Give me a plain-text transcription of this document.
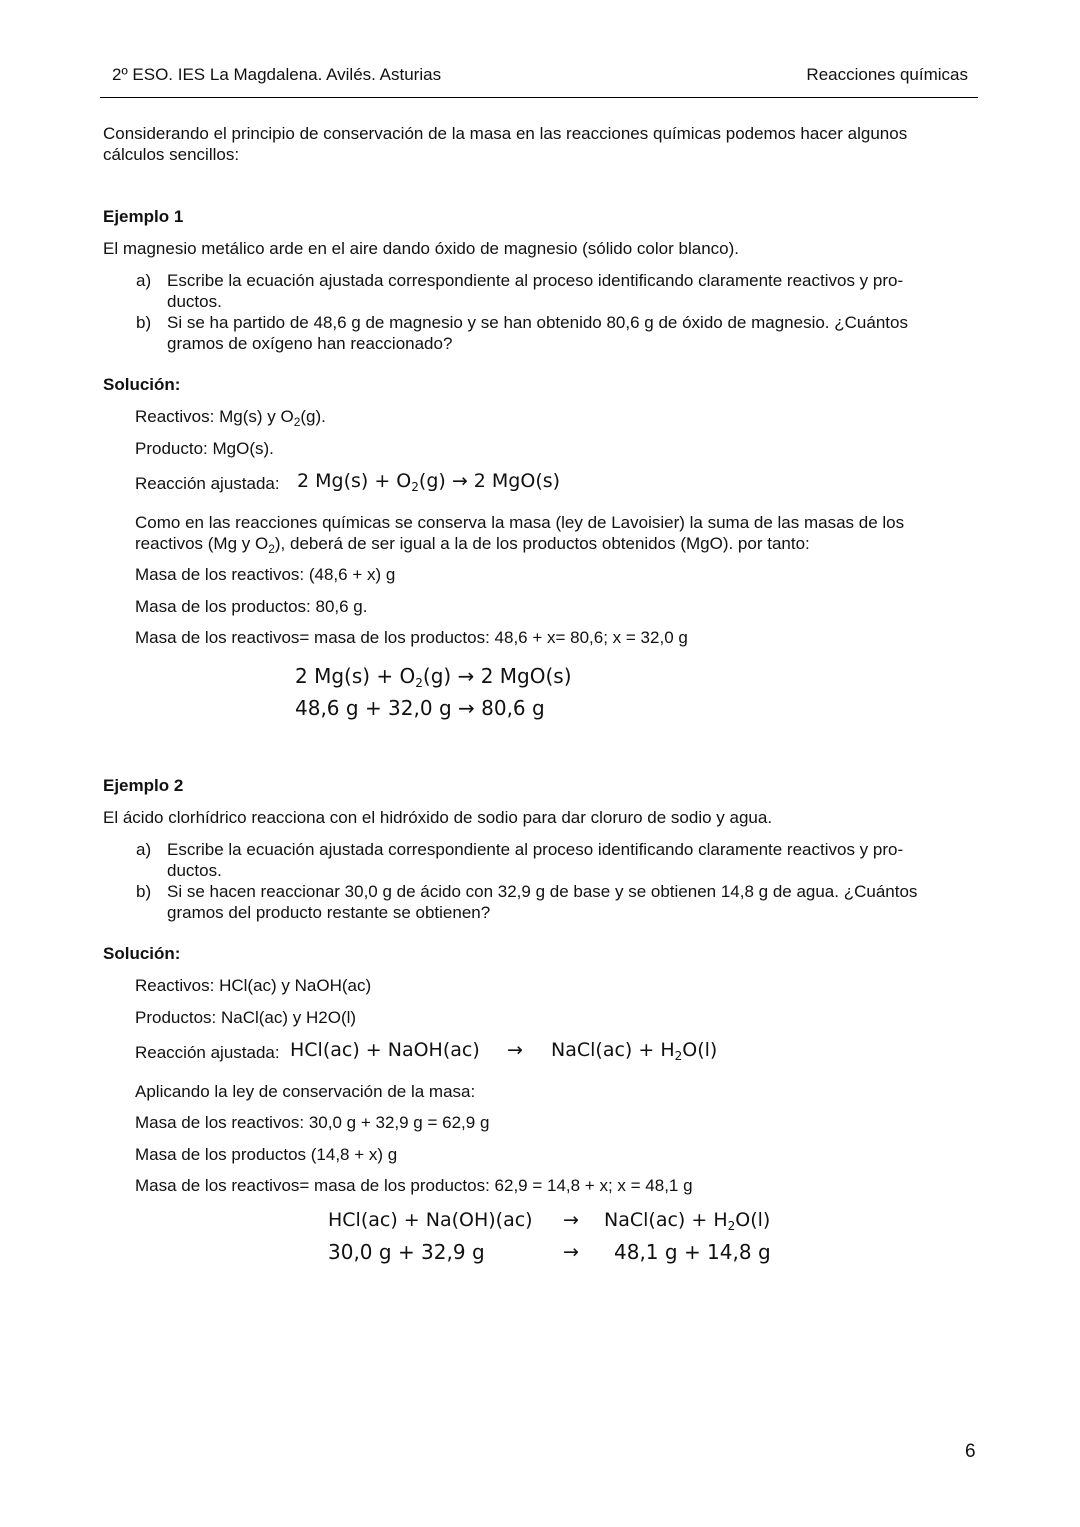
2º ESO. IES La Magdalena. Avilés. Asturias	Reacciones químicas
Considerando el principio de conservación de la masa en las reacciones químicas podemos hacer algunos
cálculos sencillos:
Ejemplo 1
El magnesio metálico arde en el aire dando óxido de magnesio (sólido color blanco).
a) Escribe la ecuación ajustada correspondiente al proceso identificando claramente reactivos y pro-
ductos.
b) Si se ha partido de 48,6 g de magnesio y se han obtenido 80,6 g de óxido de magnesio. ¿Cuántos
gramos de oxígeno han reaccionado?
Solución:
Reactivos: Mg(s) y $O_2(g)$.
Producto: MgO(s).
Reacción ajustada: 2 $Mg(s) + O_2(g) \to 2$ MgO(s)
Como en las reacciones químicas se conserva la masa (ley de Lavoisier) la suma de las masas de los
reactivos (Mg y $O_2$), deberá de ser igual a la de los productos obtenidos (MgO). por tanto:
Masa de los reactivos: (48,6 + x) g
Masa de los productos: 80,6 g.
Masa de los reactivos= masa de los productos: 48,6 + x= 80,6; x = 32,0 g
2 $Mg(s) + O_2(g) \to 2$ MgO(s)
48,6 g + 32,0 g → 80,6 g
Ejemplo 2
El ácido clorhídrico reacciona con el hidróxido de sodio para dar cloruro de sodio y agua.
a) Escribe la ecuación ajustada correspondiente al proceso identificando claramente reactivos y pro-
ductos.
b) Si se hacen reaccionar 30,0 g de ácido con 32,9 g de base y se obtienen 14,8 g de agua. ¿Cuántos
gramos del producto restante se obtienen?
Solución:
Reactivos: HCl(ac) y NaOH(ac)
Productos: NaCl(ac) y H2O(l)
Reacción ajustada: HCl(ac) + NaOH(ac) → NaCl(ac) + $H_2O(l)$
Aplicando la ley de conservación de la masa:
Masa de los reactivos: 30,0 g + 32,9 g = 62,9 g
Masa de los productos (14,8 + x) g
Masa de los reactivos= masa de los productos: 62,9 = 14,8 + x; x = 48,1 g
HCl(ac) + Na(OH)(ac) → NaCl(ac) + $H_2O(l)$
30,0 g + 32,9 g	→ 48,1 g + 14,8 g
6
